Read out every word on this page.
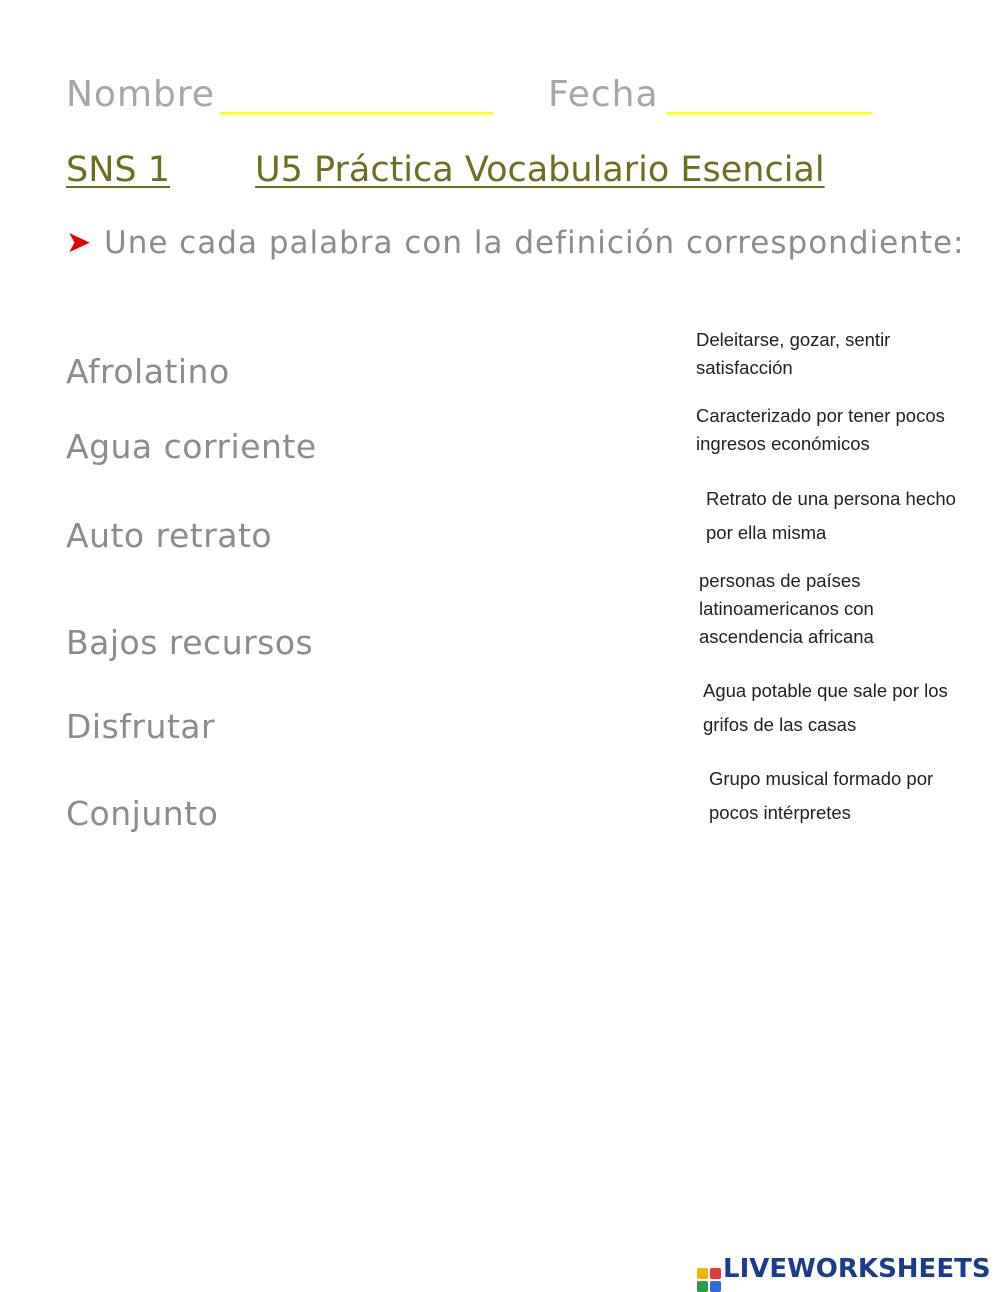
Nombre ________________ Fecha ____________
SNS 1 U5 Práctica Vocabulario Esencial
➤ Une cada palabra con la definición correspondiente:
Afrolatino
Agua corriente
Auto retrato
Bajos recursos
Disfrutar
Conjunto
Deleitarse, gozar, sentir satisfacción
Caracterizado por tener pocos ingresos económicos
Retrato de una persona hecho por ella misma
personas de países latinoamericanos con ascendencia africana
Agua potable que sale por los grifos de las casas
Grupo musical formado por pocos intérpretes
LIVEWORKSHEETS
